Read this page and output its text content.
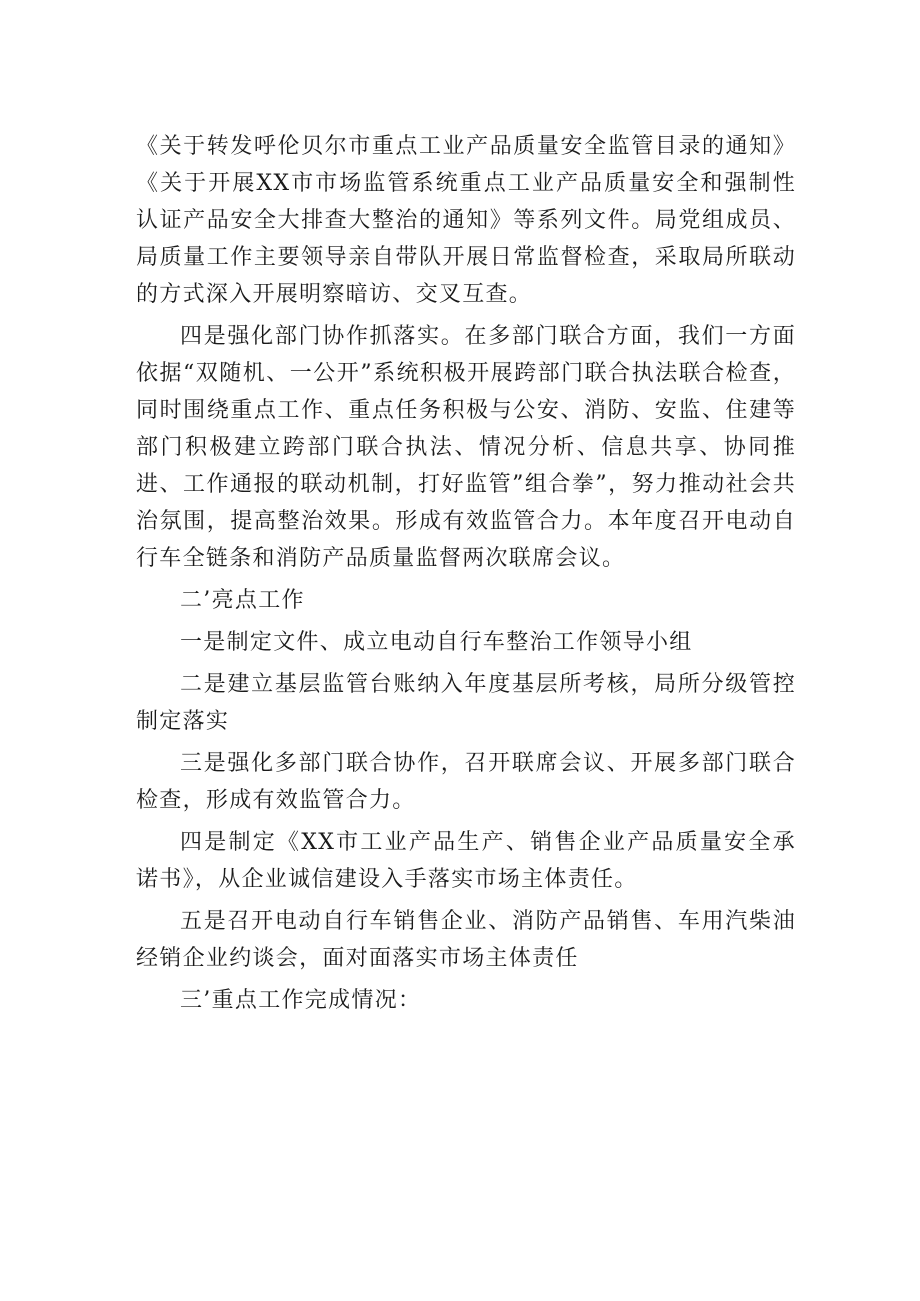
《关于转发呼伦贝尔市重点工业产品质量安全监管目录的通知》《关于开展XX市市场监管系统重点工业产品质量安全和强制性认证产品安全大排查大整治的通知》等系列文件。局党组成员、局质量工作主要领导亲自带队开展日常监督检查，采取局所联动的方式深入开展明察暗访、交叉互查。

四是强化部门协作抓落实。在多部门联合方面，我们一方面依据“双随机、一公开”系统积极开展跨部门联合执法联合检查，同时围绕重点工作、重点任务积极与公安、消防、安监、住建等部门积极建立跨部门联合执法、情况分析、信息共享、协同推进、工作通报的联动机制，打好监管”组合拳”，努力推动社会共治氛围，提高整治效果。形成有效监管合力。本年度召开电动自行车全链条和消防产品质量监督两次联席会议。

二’亮点工作

一是制定文件、成立电动自行车整治工作领导小组

二是建立基层监管台账纳入年度基层所考核，局所分级管控制定落实

三是强化多部门联合协作，召开联席会议、开展多部门联合检查，形成有效监管合力。

四是制定《XX市工业产品生产、销售企业产品质量安全承诺书》，从企业诚信建设入手落实市场主体责任。

五是召开电动自行车销售企业、消防产品销售、车用汽柴油经销企业约谈会，面对面落实市场主体责任

三’重点工作完成情况：
